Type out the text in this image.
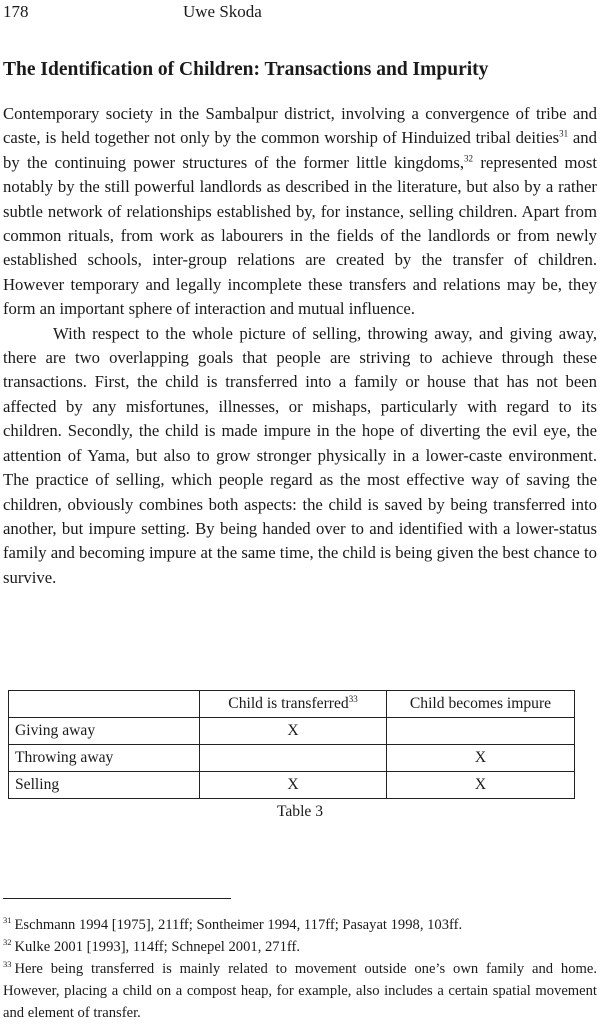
178	Uwe Skoda
The Identification of Children: Transactions and Impurity

Contemporary society in the Sambalpur district, involving a convergence of tribe and caste, is held together not only by the common worship of Hinduized tribal deities$^{31}$ and by the continuing power structures of the former little kingdoms,$^{32}$ represented most notably by the still powerful landlords as described in the literature, but also by a rather subtle network of relationships established by, for instance, selling children. Apart from common rituals, from work as labourers in the fields of the landlords or from newly established schools, inter-group relations are created by the transfer of children. However temporary and legally incomplete these transfers and relations may be, they form an important sphere of interaction and mutual influence.

With respect to the whole picture of selling, throwing away, and giving away, there are two overlapping goals that people are striving to achieve through these transactions. First, the child is transferred into a family or house that has not been affected by any misfortunes, illnesses, or mishaps, particularly with regard to its children. Secondly, the child is made impure in the hope of diverting the evil eye, the attention of Yama, but also to grow stronger physically in a lower-caste environment. The practice of selling, which people regard as the most effective way of saving the children, obviously combines both aspects: the child is saved by being transferred into another, but impure setting. By being handed over to and identified with a lower-status family and becoming impure at the same time, the child is being given the best chance to survive.

	Child is transferred$^{33}$	Child becomes impure
Giving away	X	
Throwing away		X
Selling	X	X
Table 3

$^{31}$ Eschmann 1994 [1975], 211ff; Sontheimer 1994, 117ff; Pasayat 1998, 103ff.

$^{32}$ Kulke 2001 [1993], 114ff; Schnepel 2001, 271ff.

$^{33}$ Here being transferred is mainly related to movement outside one’s own family and home. However, placing a child on a compost heap, for example, also includes a certain spatial movement and element of transfer.
